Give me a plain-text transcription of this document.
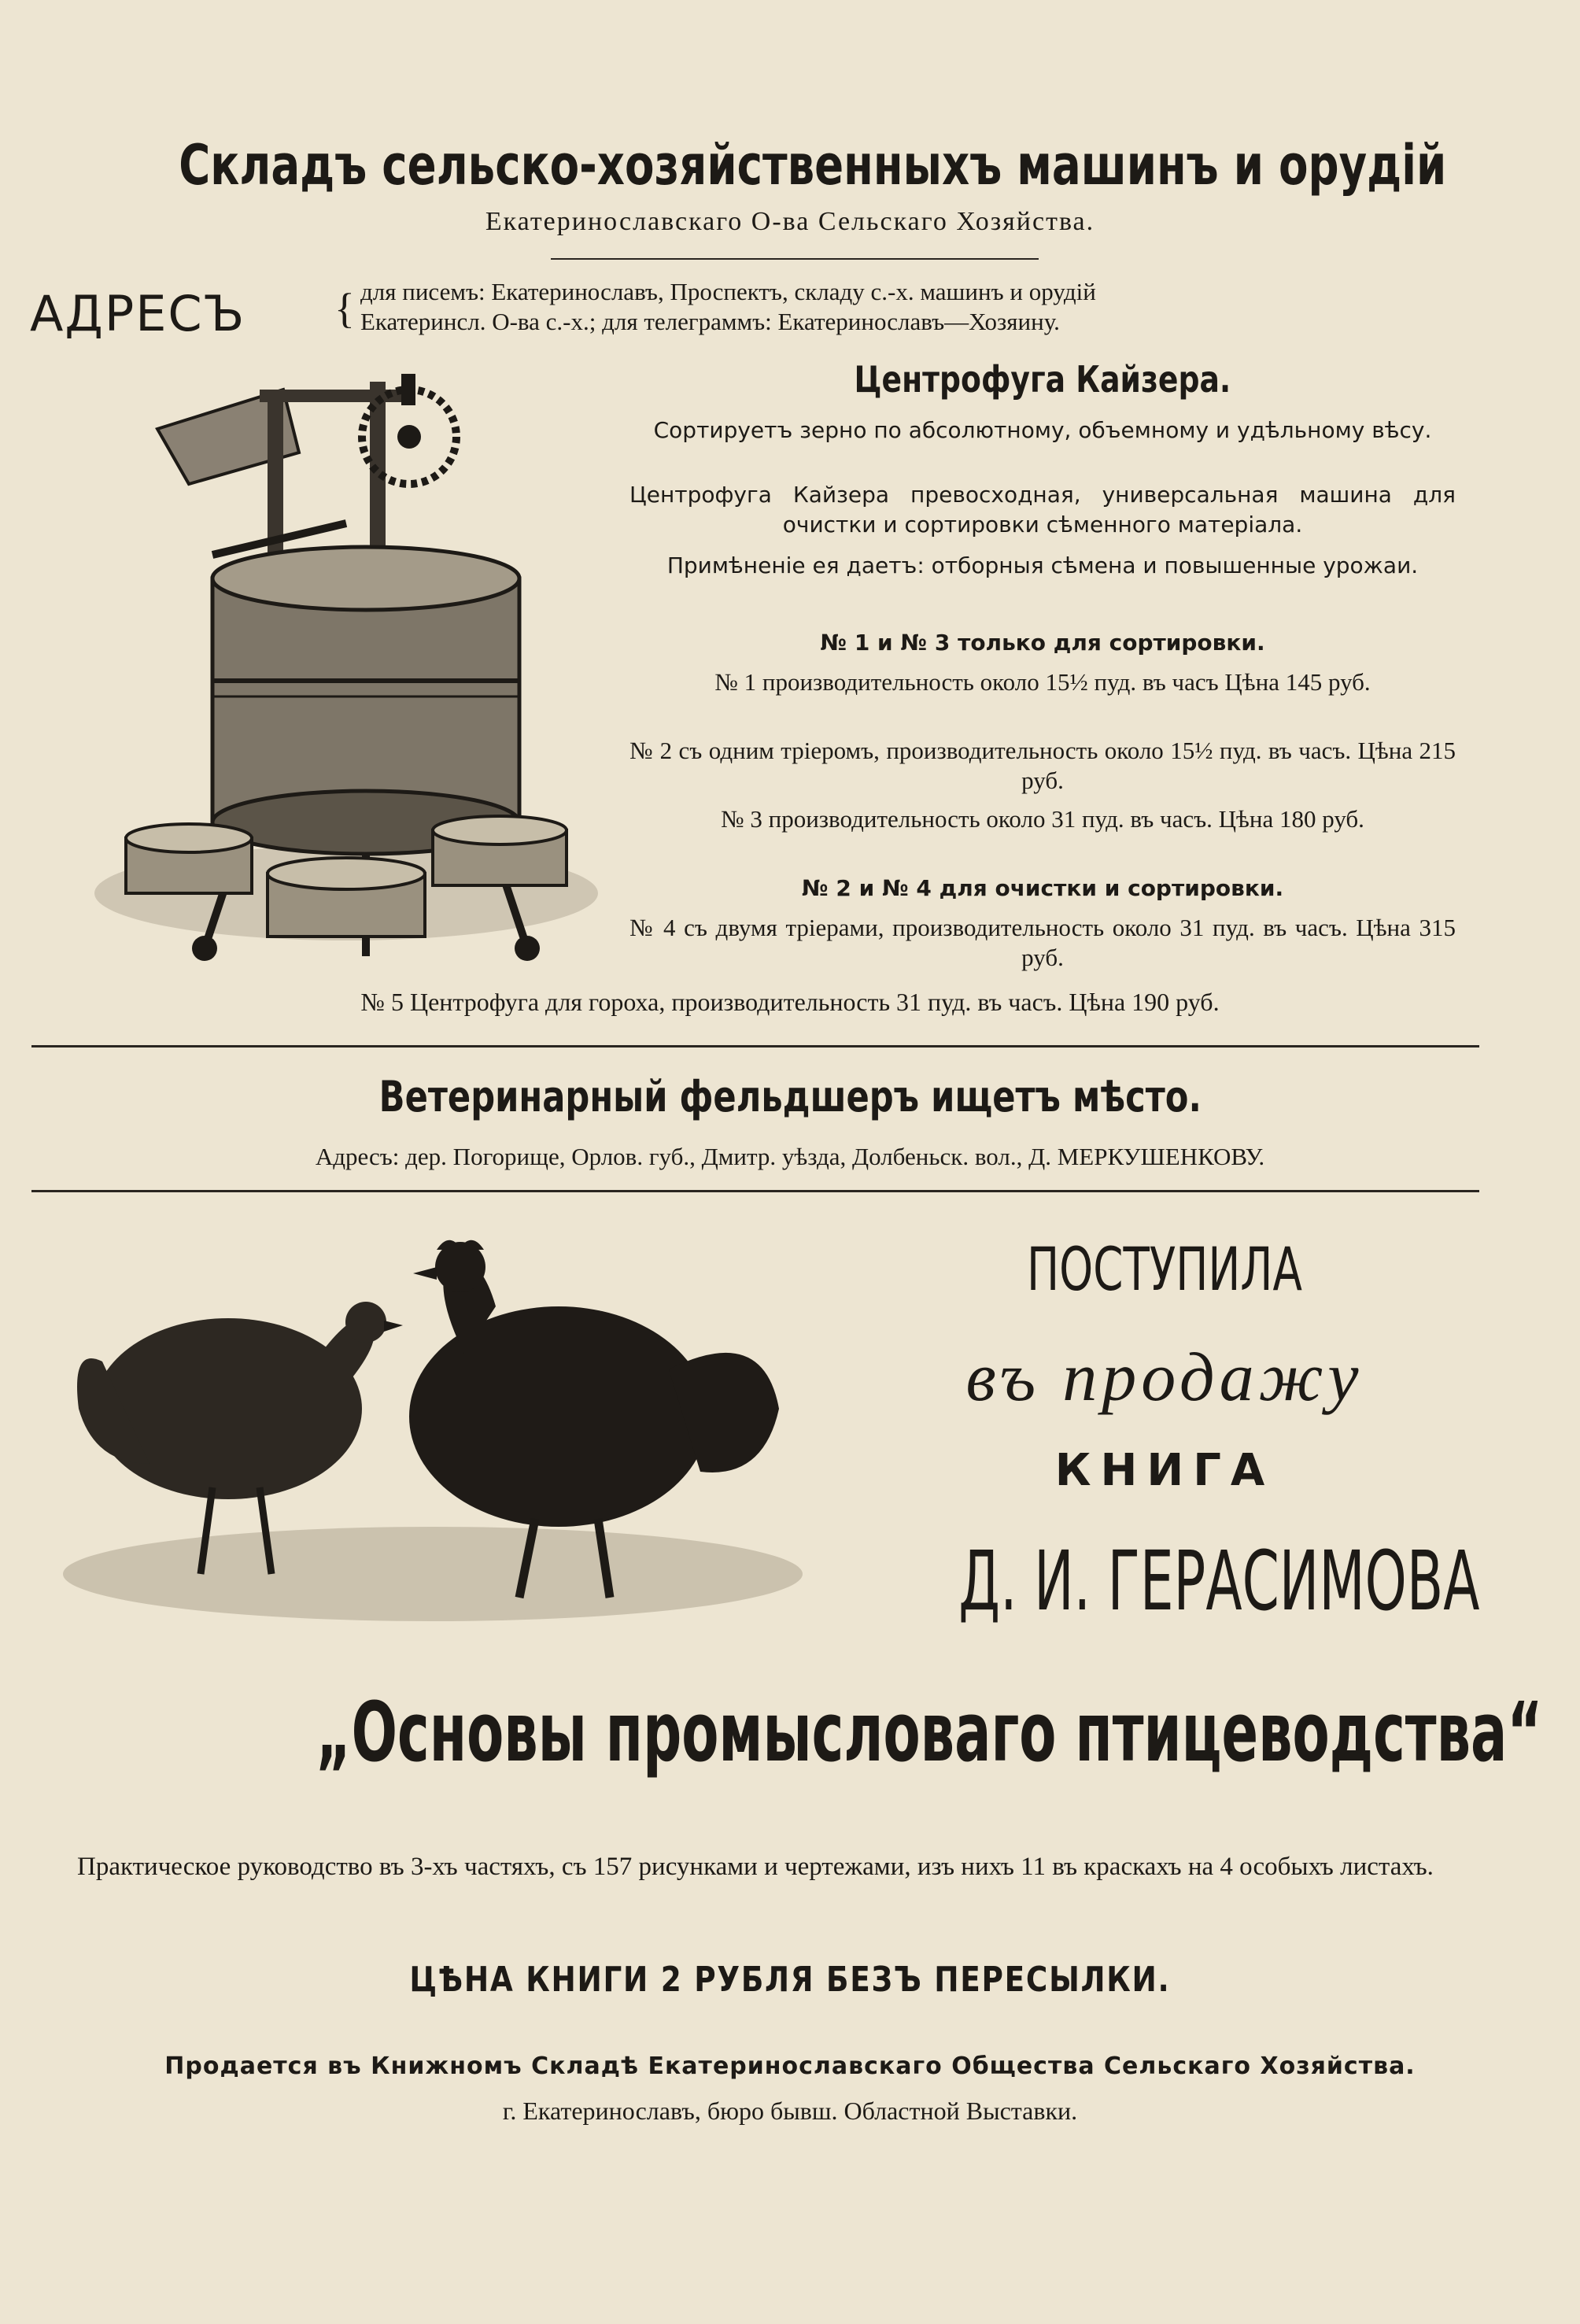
Складъ сельско-хозяйственныхъ машинъ и орудій
Екатеринославскаго О-ва Сельскаго Хозяйства.
АДРЕСЪ { для писемъ: Екатеринославъ, Проспектъ, складу с.-х. машинъ и орудій
Екатеринсл. О-ва с.-х.; для телеграммъ: Екатеринославъ—Хозяину.
Центрофуга Кайзера.
Сортируетъ зерно по абсолютному, объемному и удѣльному вѣсу.
Центрофуга Кайзера превосходная, универсальная машина для очистки и сортировки сѣменного матеріала.
Примѣненіе ея даетъ: отборныя сѣмена и повышенные урожаи.
№ 1 и № 3 только для сортировки.
№ 1 производительность около 15½ пуд. въ часъ Цѣна 145 руб.
№ 2 съ одним трiеромъ, производительность около 15½ пуд. въ часъ. Цѣна 215 руб.
№ 3 производительность около 31 пуд. въ часъ. Цѣна 180 руб.
№ 2 и № 4 для очистки и сортировки.
№ 4 съ двумя трiерами, производительность около 31 пуд. въ часъ. Цѣна 315 руб.
№ 5 Центрофуга для гороха, производительность 31 пуд. въ часъ. Цѣна 190 руб.
Ветеринарный фельдшеръ ищетъ мѣсто.
Адресъ: дер. Погорище, Орлов. губ., Дмитр. уѣзда, Долбеньск. вол., Д. МЕРКУШЕНКОВУ.
ПОСТУПИЛА
въ продажу
КНИГА
Д. И. ГЕРАСИМОВА
„Основы промысловаго птицеводства“
Практическое руководство въ 3-хъ частяхъ, съ 157 рисунками и чертежами, изъ нихъ 11 въ краскахъ на 4 особыхъ листахъ.
ЦѢНА КНИГИ 2 РУБЛЯ БЕЗЪ ПЕРЕСЫЛКИ.
Продается въ Книжномъ Складѣ Екатеринославскаго Общества Сельскаго Хозяйства.
г. Екатеринославъ, бюро бывш. Областной Выставки.
